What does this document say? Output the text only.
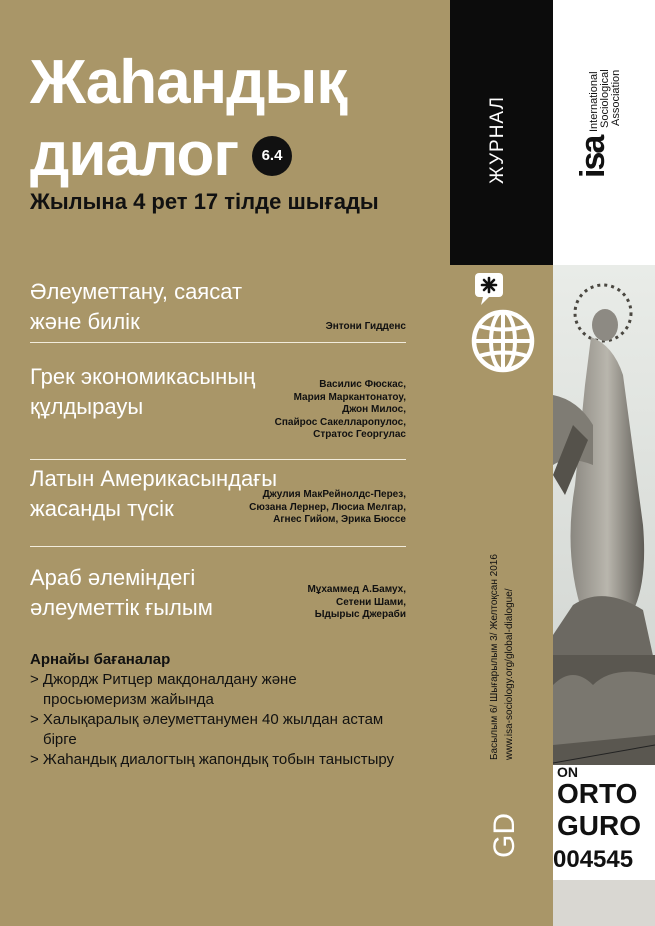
Жаһандық
диалог	6.4
Жылына 4 рет 17 тілде шығады
Әлеуметтану, саясат
және билік	Энтони Гидденс
Грек экономикасының
құлдырауы
Василис Фюскас,
Мария Маркантонатоу,
Джон Милос,
Спайрос Сакелларопулос,
Стратос Георгулас
Латын Америкасындағы
жасанды түсік
Джулия МакРейнолдс-Перез,
Сюзана Лернер, Люсиа Мелгар,
Агнес Гийом, Эрика Бюссе
Араб әлеміндегі
әлеуметтік ғылым
Мұхаммед А.Бамух,
Сетени Шами,
Ыдырыс Джераби
Арнайы бағаналар
> Джордж Ритцер макдоналдану және
просьюмеризм жайында
> Халықаралық әлеуметтанумен 40 жылдан астам
бірге
> Жаһандық диалогтың жапондық тобын таныстыру
ЖУРНАЛ
Басылым 6/ Шығарылым 3/ Желтоқсан 2016 www.isa-sociology.org/global-dialogue/
GD
isa
International Sociological Association
ON
ORTO
GURO
004545
